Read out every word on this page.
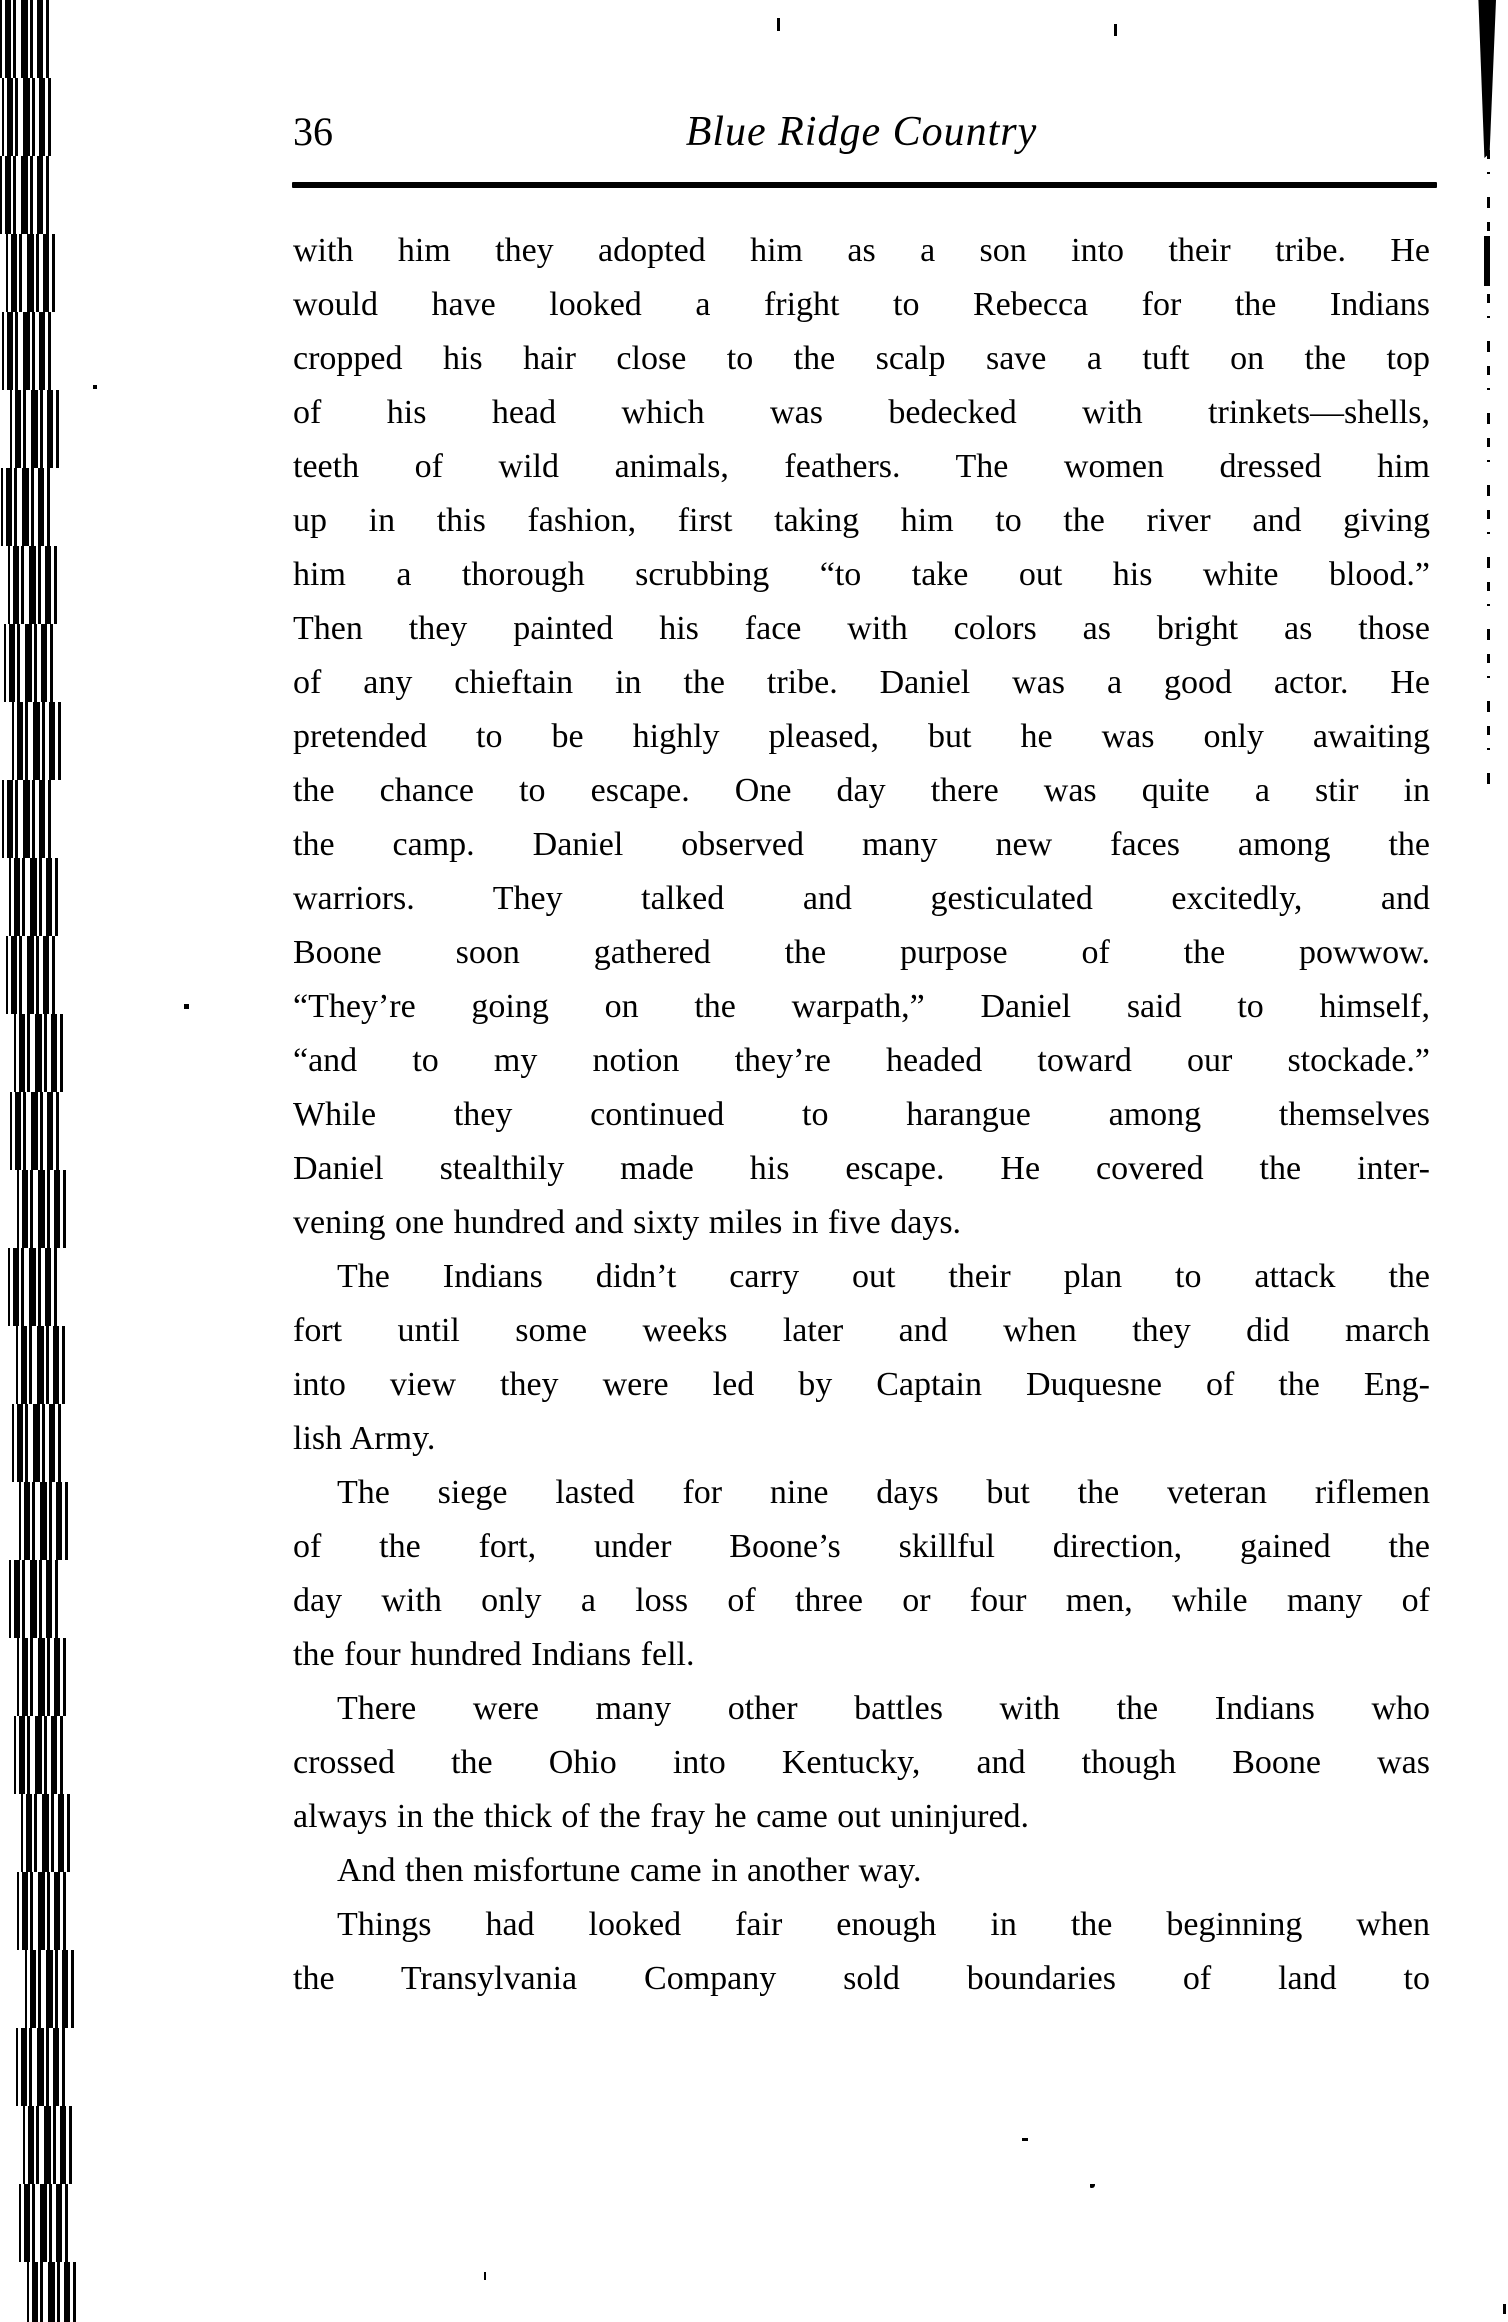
36	Blue Ridge Country
with him they adopted him as a son into their tribe. He
would have looked a fright to Rebecca for the Indians
cropped his hair close to the scalp save a tuft on the top
of his head which was bedecked with trinkets—shells,
teeth of wild animals, feathers. The women dressed him
up in this fashion, first taking him to the river and giving
him a thorough scrubbing “to take out his white blood.”
Then they painted his face with colors as bright as those
of any chieftain in the tribe. Daniel was a good actor. He
pretended to be highly pleased, but he was only awaiting
the chance to escape. One day there was quite a stir in
the camp. Daniel observed many new faces among the
warriors. They talked and gesticulated excitedly, and
Boone soon gathered the purpose of the powwow.
“They’re going on the warpath,” Daniel said to himself,
“and to my notion they’re headed toward our stockade.”
While they continued to harangue among themselves
Daniel stealthily made his escape. He covered the inter-
vening one hundred and sixty miles in five days.
The Indians didn’t carry out their plan to attack the
fort until some weeks later and when they did march
into view they were led by Captain Duquesne of the Eng-
lish Army.
The siege lasted for nine days but the veteran riflemen
of the fort, under Boone’s skillful direction, gained the
day with only a loss of three or four men, while many of
the four hundred Indians fell.
There were many other battles with the Indians who
crossed the Ohio into Kentucky, and though Boone was
always in the thick of the fray he came out uninjured.
And then misfortune came in another way.
Things had looked fair enough in the beginning when
the Transylvania Company sold boundaries of land to
